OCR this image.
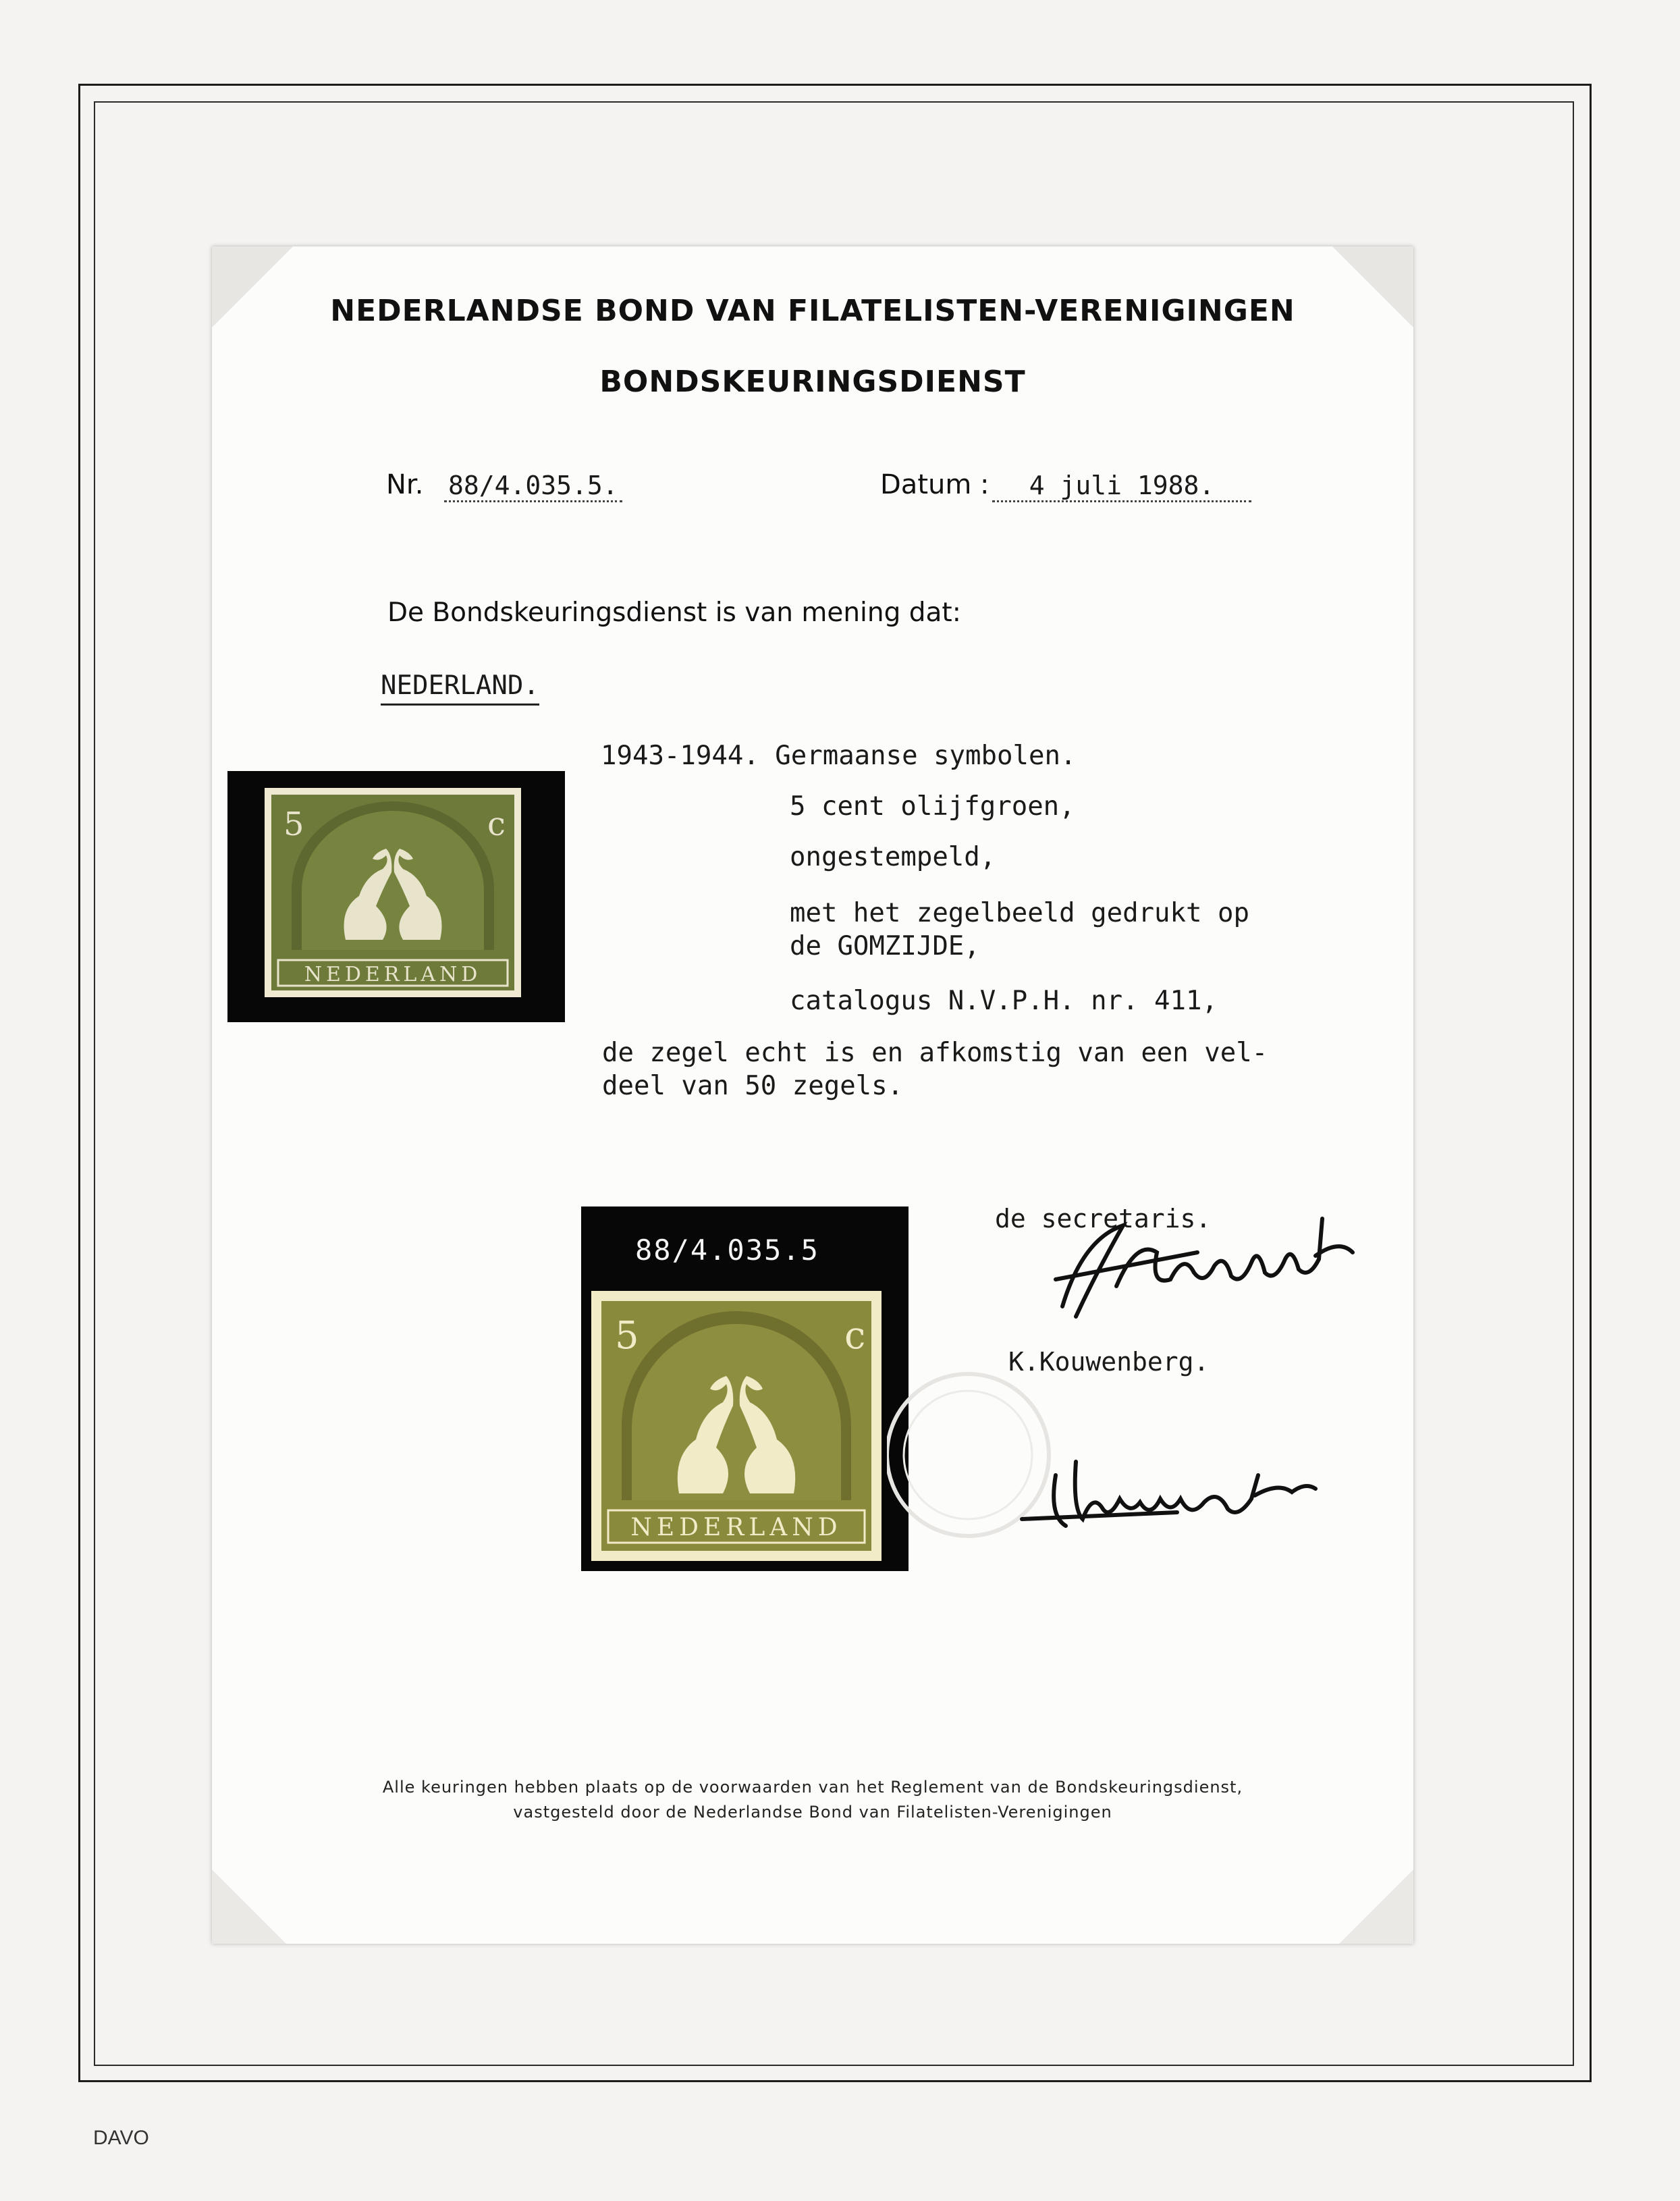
DAVO
NEDERLANDSE BOND VAN FILATELISTEN-VERENIGINGEN
BONDSKEURINGSDIENST
Nr. 88/4.035.5.	Datum :	4 juli 1988.
De Bondskeuringsdienst is van mening dat:
NEDERLAND.
1943-1944. Germaanse symbolen.
5 cent olijfgroen,
ongestempeld,
met het zegelbeeld gedrukt op
de GOMZIJDE,
catalogus N.V.P.H. nr. 411,
de zegel echt is en afkomstig van een vel-
deel van 50 zegels.
NEDERLAND
5	c
88/4.035.5
NEDERLAND
5	c
de secretaris.
K.Kouwenberg.
Alle keuringen hebben plaats op de voorwaarden van het Reglement van de Bondskeuringsdienst,
vastgesteld door de Nederlandse Bond van Filatelisten-Verenigingen
